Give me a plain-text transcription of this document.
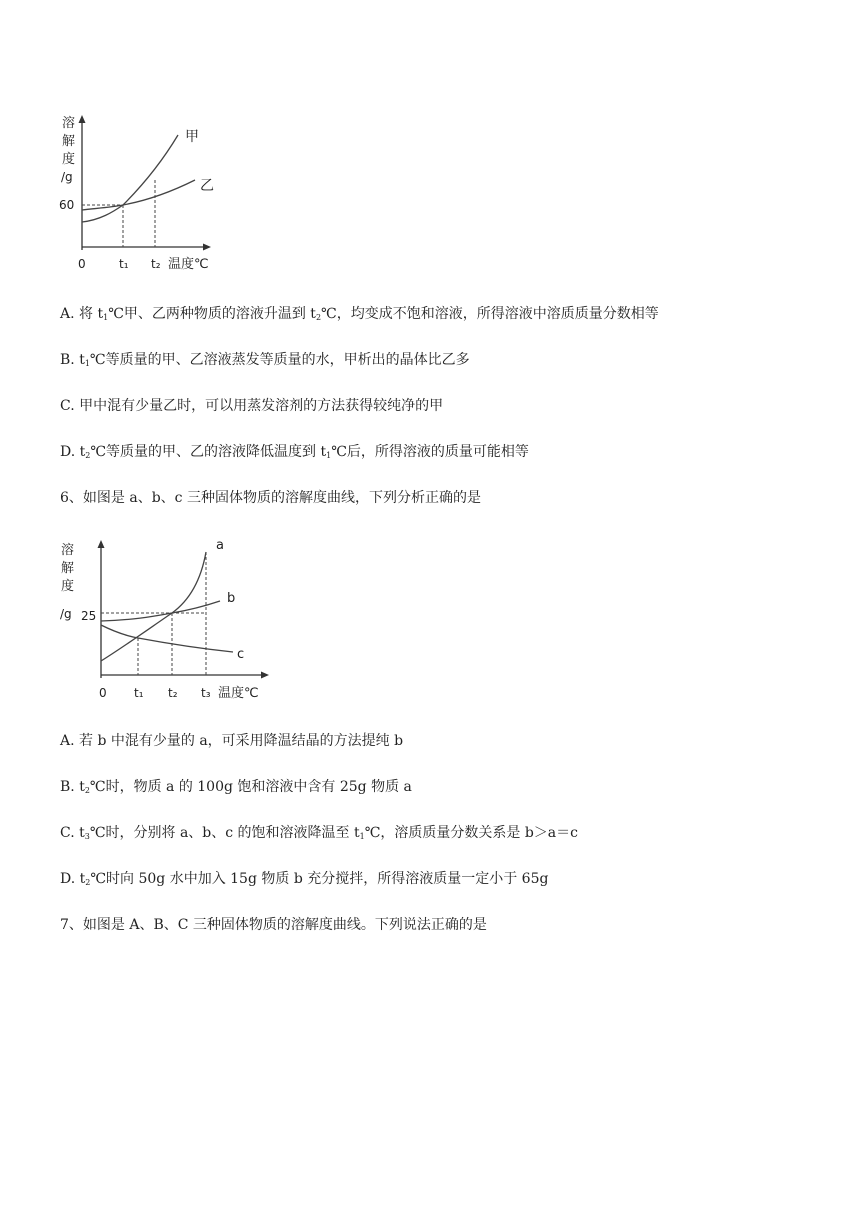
溶
解
度
/g
60
0	t₁ t₂ 温度℃
甲
乙
A. 将 $t_1℃$甲、乙两种物质的溶液升温到 $t_2℃$，均变成不饱和溶液，所得溶液中溶质质量分数相等
B. $t_1℃$等质量的甲、乙溶液蒸发等质量的水，甲析出的晶体比乙多
C. 甲中混有少量乙时，可以用蒸发溶剂的方法获得较纯净的甲
D. $t_2℃$等质量的甲、乙的溶液降低温度到 $t_1℃$后，所得溶液的质量可能相等
6、如图是 a、b、c 三种固体物质的溶解度曲线，下列分析正确的是
溶
解
度
/g 25
0 t₁ t₂ t₃ 温度℃
a
b
c
A. 若 b 中混有少量的 a，可采用降温结晶的方法提纯 b
B. $t_2℃$时，物质 a 的 100g 饱和溶液中含有 25g 物质 a
C. $t_3℃$时，分别将 a、b、c 的饱和溶液降温至 $t_1℃$，溶质质量分数关系是 b＞a＝c
D. $t_2℃$时向 50g 水中加入 15g 物质 b 充分搅拌，所得溶液质量一定小于 65g
7、如图是 A、B、C 三种固体物质的溶解度曲线。下列说法正确的是
